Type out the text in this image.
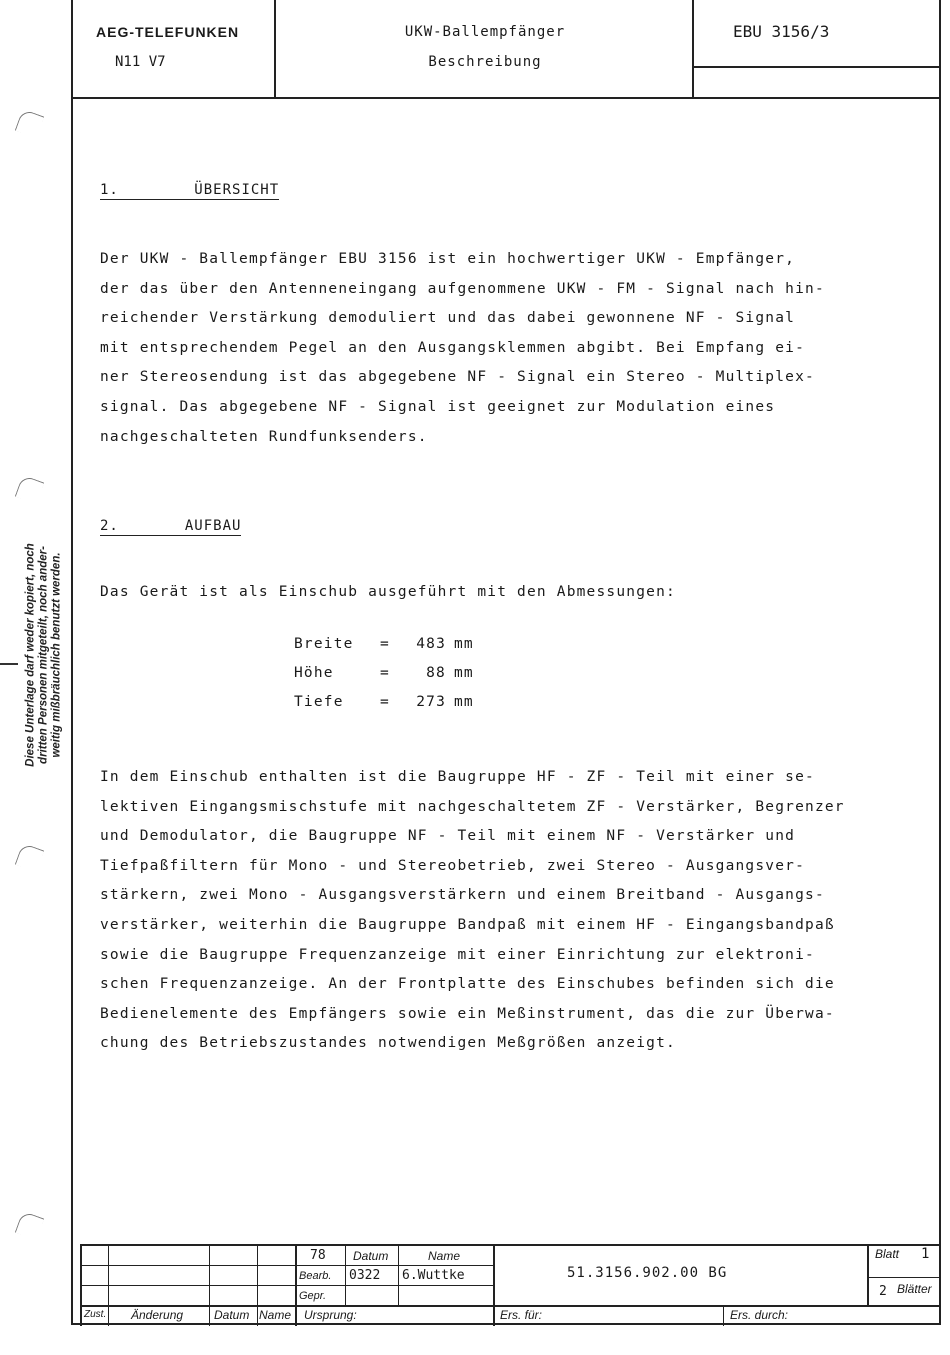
AEG-TELEFUNKEN
N11 V7
UKW-Ballempfänger
Beschreibung
EBU 3156/3
1.	ÜBERSICHT
Der UKW - Ballempfänger EBU 3156 ist ein hochwertiger UKW - Empfänger,
der das über den Antenneneingang aufgenommene UKW - FM - Signal nach hin-
reichender Verstärkung demoduliert und das dabei gewonnene NF - Signal
mit entsprechendem Pegel an den Ausgangsklemmen abgibt. Bei Empfang ei-
ner Stereosendung ist das abgegebene NF - Signal ein Stereo - Multiplex-
signal. Das abgegebene NF - Signal ist geeignet zur Modulation eines
nachgeschalteten Rundfunksenders.
2.	AUFBAU
Das Gerät ist als Einschub ausgeführt mit den Abmessungen:
Breite = 483 mm
Höhe	=	88 mm
Tiefe	= 273 mm
In dem Einschub enthalten ist die Baugruppe HF - ZF - Teil mit einer se-
lektiven Eingangsmischstufe mit nachgeschaltetem ZF - Verstärker, Begrenzer
und Demodulator, die Baugruppe NF - Teil mit einem NF - Verstärker und
Tiefpaßfiltern für Mono - und Stereobetrieb, zwei Stereo - Ausgangsver-
stärkern, zwei Mono - Ausgangsverstärkern und einem Breitband - Ausgangs-
verstärker, weiterhin die Baugruppe Bandpaß mit einem HF - Eingangsbandpaß
sowie die Baugruppe Frequenzanzeige mit einer Einrichtung zur elektroni-
schen Frequenzanzeige. An der Frontplatte des Einschubes befinden sich die
Bedienelemente des Empfängers sowie ein Meßinstrument, das die zur Überwa-
chung des Betriebszustandes notwendigen Meßgrößen anzeigt.
Diese Unterlage darf weder kopiert, noch dritten Personen mitgeteilt, noch ander- weitig mißbräuchlich benutzt werden.
78 Datum	Name
Bearb. 0322 6.Wuttke
Gepr.
51.3156.902.00 BG
Blatt 1
2 Blätter
Zust. Änderung	Datum Name Ursprung:	Ers. für:	Ers. durch:
